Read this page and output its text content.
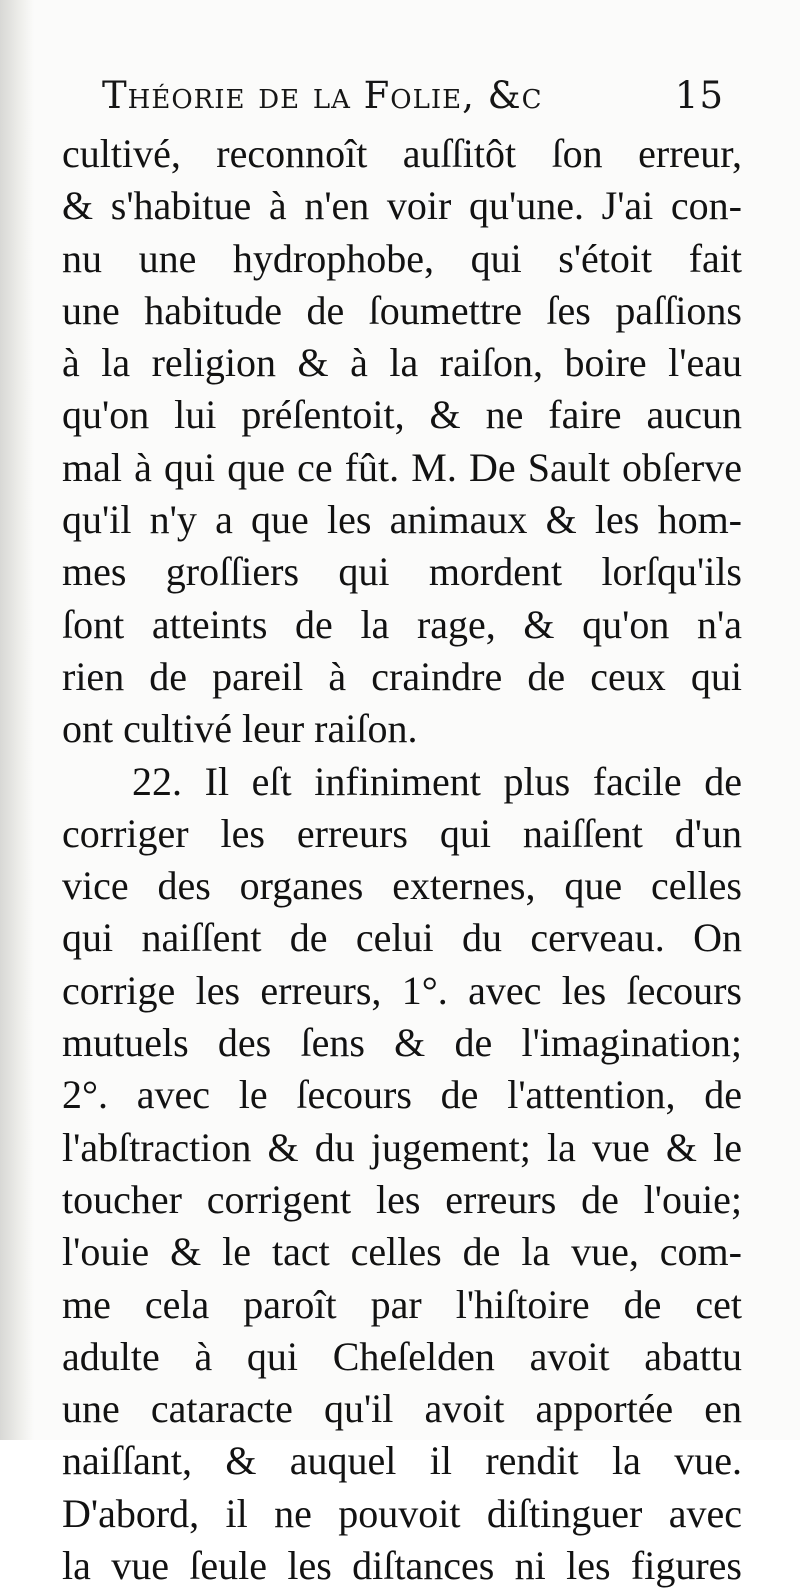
Théorie de la Folie, &c	15
cultivé, reconnoît auſſitôt ſon erreur,
& s'habitue à n'en voir qu'une. J'ai con-
nu une hydrophobe, qui s'étoit fait
une habitude de ſoumettre ſes paſſions
à la religion & à la raiſon, boire l'eau
qu'on lui préſentoit, & ne faire aucun
mal à qui que ce fût. M. De Sault obſerve
qu'il n'y a que les animaux & les hom-
mes groſſiers qui mordent lorſqu'ils
ſont atteints de la rage, & qu'on n'a
rien de pareil à craindre de ceux qui
ont cultivé leur raiſon.
22. Il eſt infiniment plus facile de
corriger les erreurs qui naiſſent d'un
vice des organes externes, que celles
qui naiſſent de celui du cerveau. On
corrige les erreurs, 1°. avec les ſecours
mutuels des ſens & de l'imagination;
2°. avec le ſecours de l'attention, de
l'abſtraction & du jugement; la vue & le
toucher corrigent les erreurs de l'ouie;
l'ouie & le tact celles de la vue, com-
me cela paroît par l'hiſtoire de cet
adulte à qui Cheſelden avoit abattu
une cataracte qu'il avoit apportée en
naiſſant, & auquel il rendit la vue.
D'abord, il ne pouvoit diſtinguer avec
la vue ſeule les diſtances ni les figures
